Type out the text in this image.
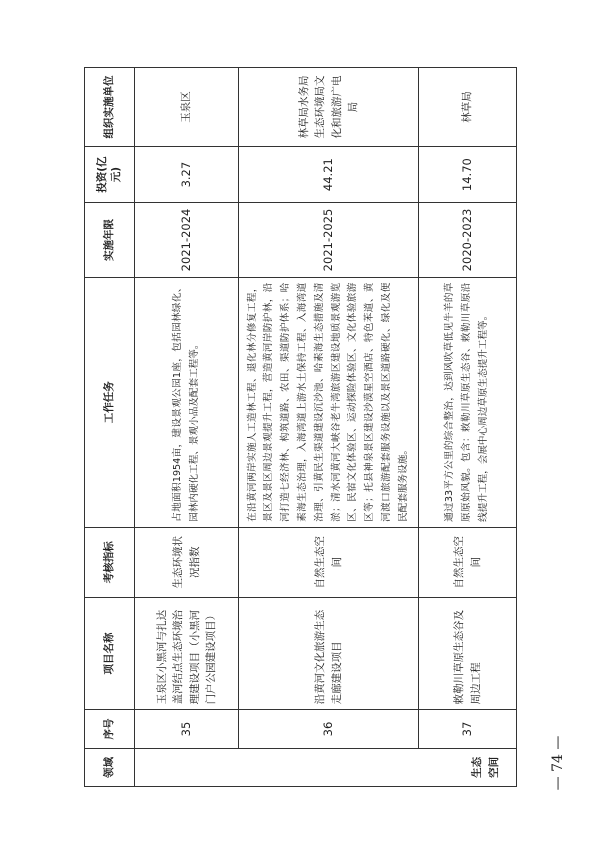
领域	序号	项目名称	考核指标	工作任务	实施年限	投资(亿元)	组织实施单位
生态空间	35	玉泉区小黑河与扎达盖河结点生态环境治理建设项目（小黑河门户公园建设项目）	生态环境状况指数	占地面积1954亩，建设景观公园1座，包括园林绿化、园林内硬化工程、景观小品及配套工程等。	2021-2024	3.27	玉泉区
	36	沿黄河文化旅游生态走廊建设项目	自然生态空间	在沿黄河两岸实施人工造林工程、退化林分修复工程，景区及景区周边景观提升工程，营造黄河岸防护林，沿河打造七经济林、构筑道路、农田、渠道防护体系；哈素海生态治理，入海湾道上游水土保持工程、入海湾道治理、引黄民生渠道建设沉沙池、哈素海生态措施及清淤；清水河黄河大峡谷老牛湾旅游区建设地质景观游览区、民宿文化体验区、运动探险体验区、文化体验旅游区等；托县神泉景区建设沙漠星空酒店、特色苯道、黄河渡口旅游配套服务设施以及景区道路硬化、绿化及便民配套服务设施。	2021-2025	44.21	林草局水务局生态环境局文化和旅游广电局
	37	敕勒川草原生态谷及周边工程	自然生态空间	通过33平方公里的综合整治，达到风吹草低见牛羊的草原原始风貌。包含：敕勒川草原生态谷、敕勒川草原沿线提升工程，会展中心周边草原生态提升工程等。	2020-2023	14.70	林草局
— 74 —
